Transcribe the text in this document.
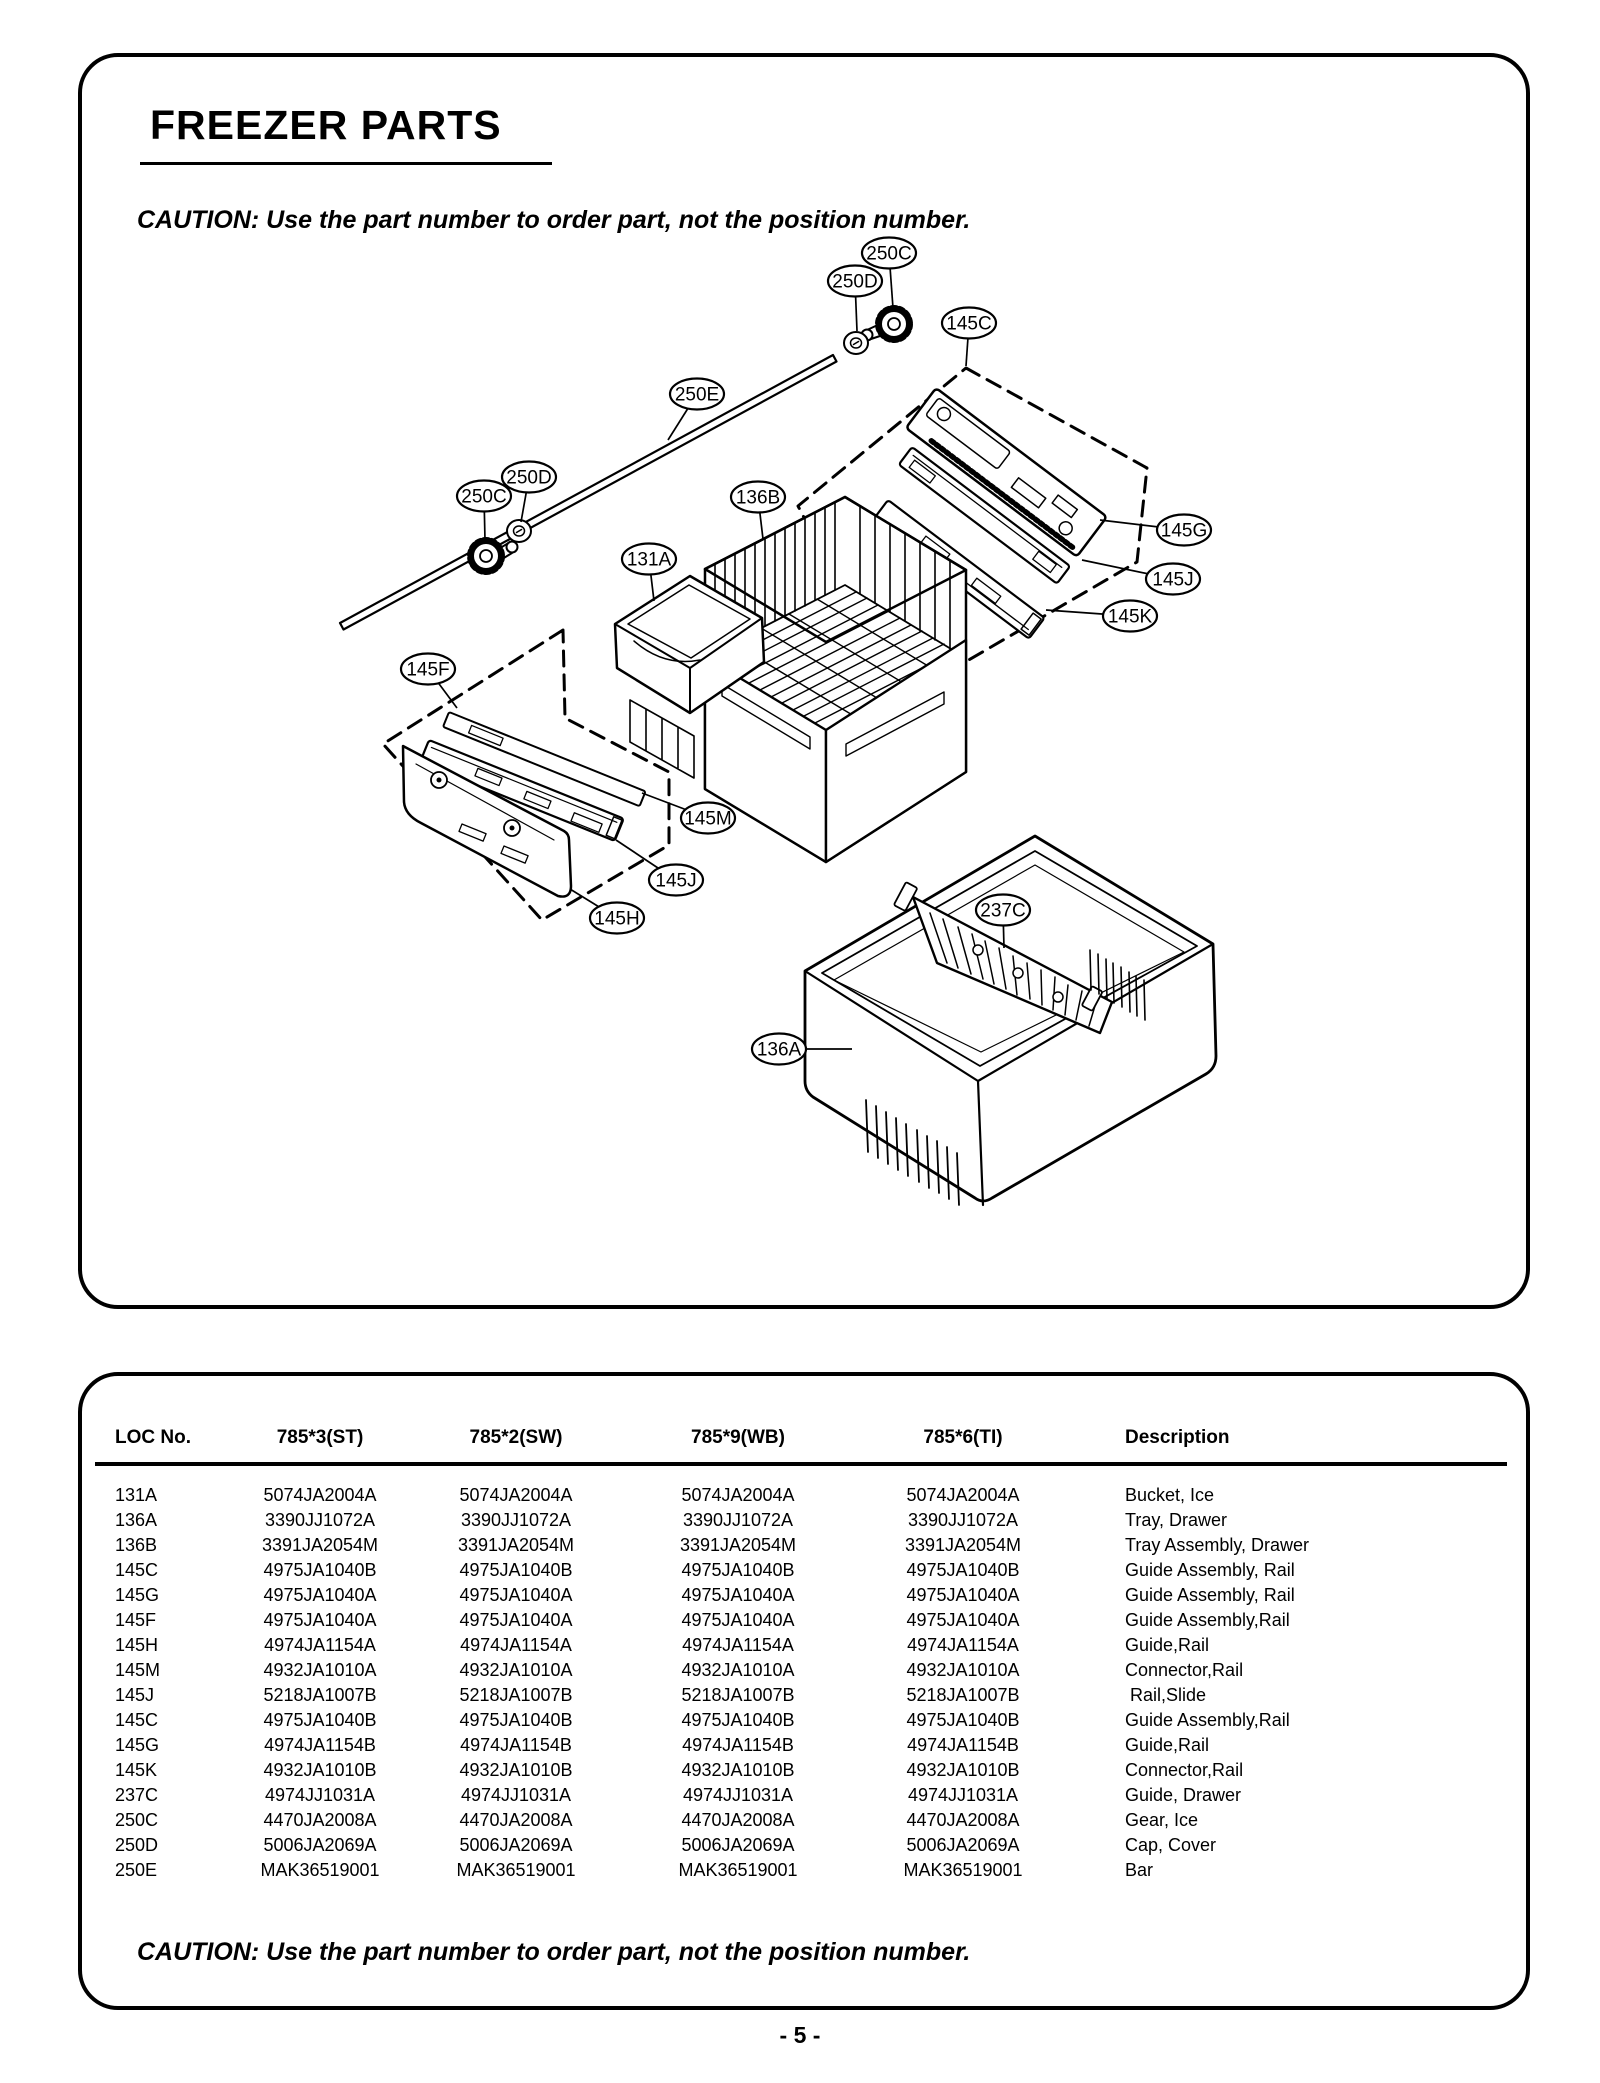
250C
250D
145C
250E
250D
250C	136B
131A
145G
145J
145K
145F
145M
145J
145H	237C
136A
FREEZER PARTS
CAUTION: Use the part number to order part, not the position number.
LOC No.	785*3(ST)	785*2(SW)	785*9(WB)	785*6(TI)	Description
131A	5074JA2004A	5074JA2004A	5074JA2004A	5074JA2004A	Bucket, Ice
136A	3390JJ1072A	3390JJ1072A	3390JJ1072A	3390JJ1072A	Tray, Drawer
136B	3391JA2054M	3391JA2054M	3391JA2054M	3391JA2054M	Tray Assembly, Drawer
145C	4975JA1040B	4975JA1040B	4975JA1040B	4975JA1040B	Guide Assembly, Rail
145G	4975JA1040A	4975JA1040A	4975JA1040A	4975JA1040A	Guide Assembly, Rail
145F	4975JA1040A	4975JA1040A	4975JA1040A	4975JA1040A	Guide Assembly,Rail
145H	4974JA1154A	4974JA1154A	4974JA1154A	4974JA1154A	Guide,Rail
145M	4932JA1010A	4932JA1010A	4932JA1010A	4932JA1010A	Connector,Rail
145J	5218JA1007B	5218JA1007B	5218JA1007B	5218JA1007B	Rail,Slide
145C	4975JA1040B	4975JA1040B	4975JA1040B	4975JA1040B	Guide Assembly,Rail
145G	4974JA1154B	4974JA1154B	4974JA1154B	4974JA1154B	Guide,Rail
145K	4932JA1010B	4932JA1010B	4932JA1010B	4932JA1010B	Connector,Rail
237C	4974JJ1031A	4974JJ1031A	4974JJ1031A	4974JJ1031A	Guide, Drawer
250C	4470JA2008A	4470JA2008A	4470JA2008A	4470JA2008A	Gear, Ice
250D	5006JA2069A	5006JA2069A	5006JA2069A	5006JA2069A	Cap, Cover
250E	MAK36519001	MAK36519001	MAK36519001	MAK36519001	Bar
CAUTION: Use the part number to order part, not the position number.
- 5 -
